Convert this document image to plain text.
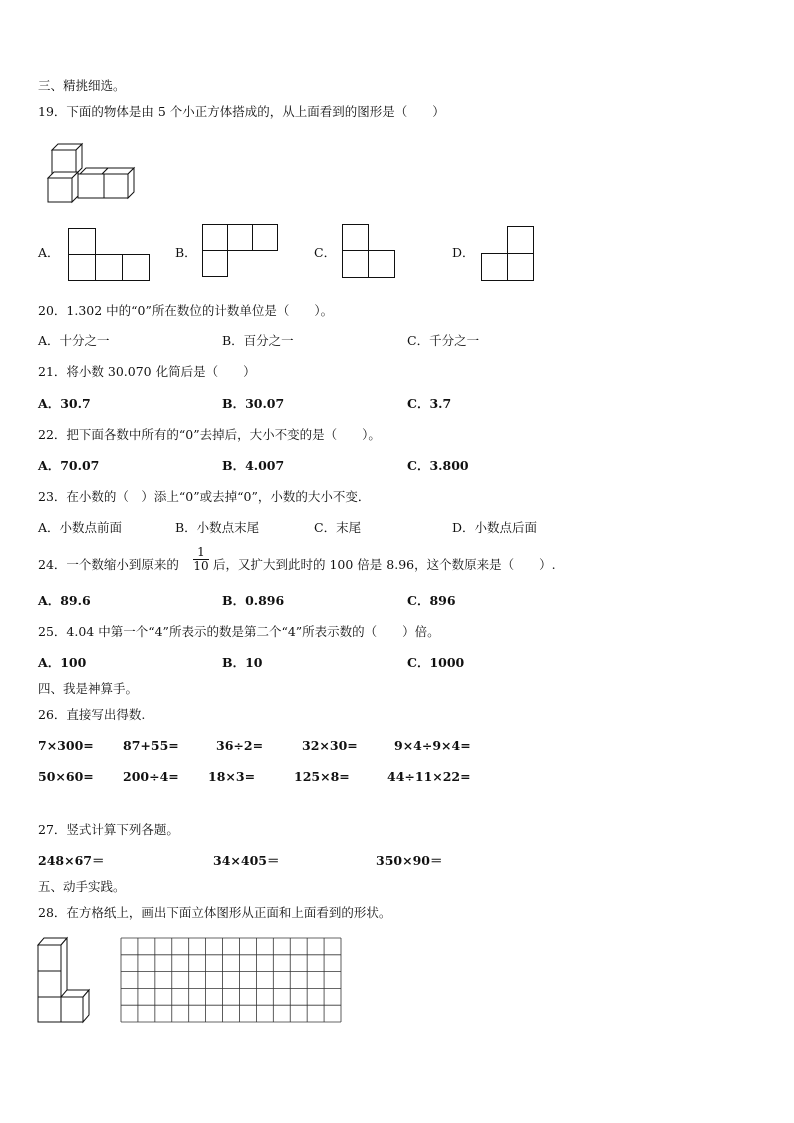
三、精挑细选。
19．下面的物体是由 5 个小正方体搭成的，从上面看到的图形是（　　）
A．	B．	C．	D．
20．1.302 中的“0”所在数位的计数单位是（　　）。
A．十分之一	B．百分之一	C．千分之一
21．将小数 30.070 化简后是（　　）
A．30.7	B．30.07	C．3.7
22．把下面各数中所有的“0”去掉后，大小不变的是（　　）。
A．70.07	B．4.007	C．3.800
23．在小数的（　）添上“0”或去掉“0”，小数的大小不变．
A．小数点前面	B．小数点末尾	C．末尾	D．小数点后面
24．一个数缩小到原来的 $\frac{1}{10}$ 后，又扩大到此时的 100 倍是 8.96，这个数原来是（　　）.
A．89.6	B．0.896	C．896
25．4.04 中第一个“4”所表示的数是第二个“4”所表示数的（　　）倍。
A．100	B．10	C．1000
四、我是神算手。
26．直接写出得数.
7×300= 87+55=	36÷2=	32×30=	9×4÷9×4=
50×60= 200÷4= 18×3=	125×8=	44÷11×22=
27．竖式计算下列各题。
248×67＝	34×405＝	350×90＝
五、动手实践。
28．在方格纸上，画出下面立体图形从正面和上面看到的形状。
